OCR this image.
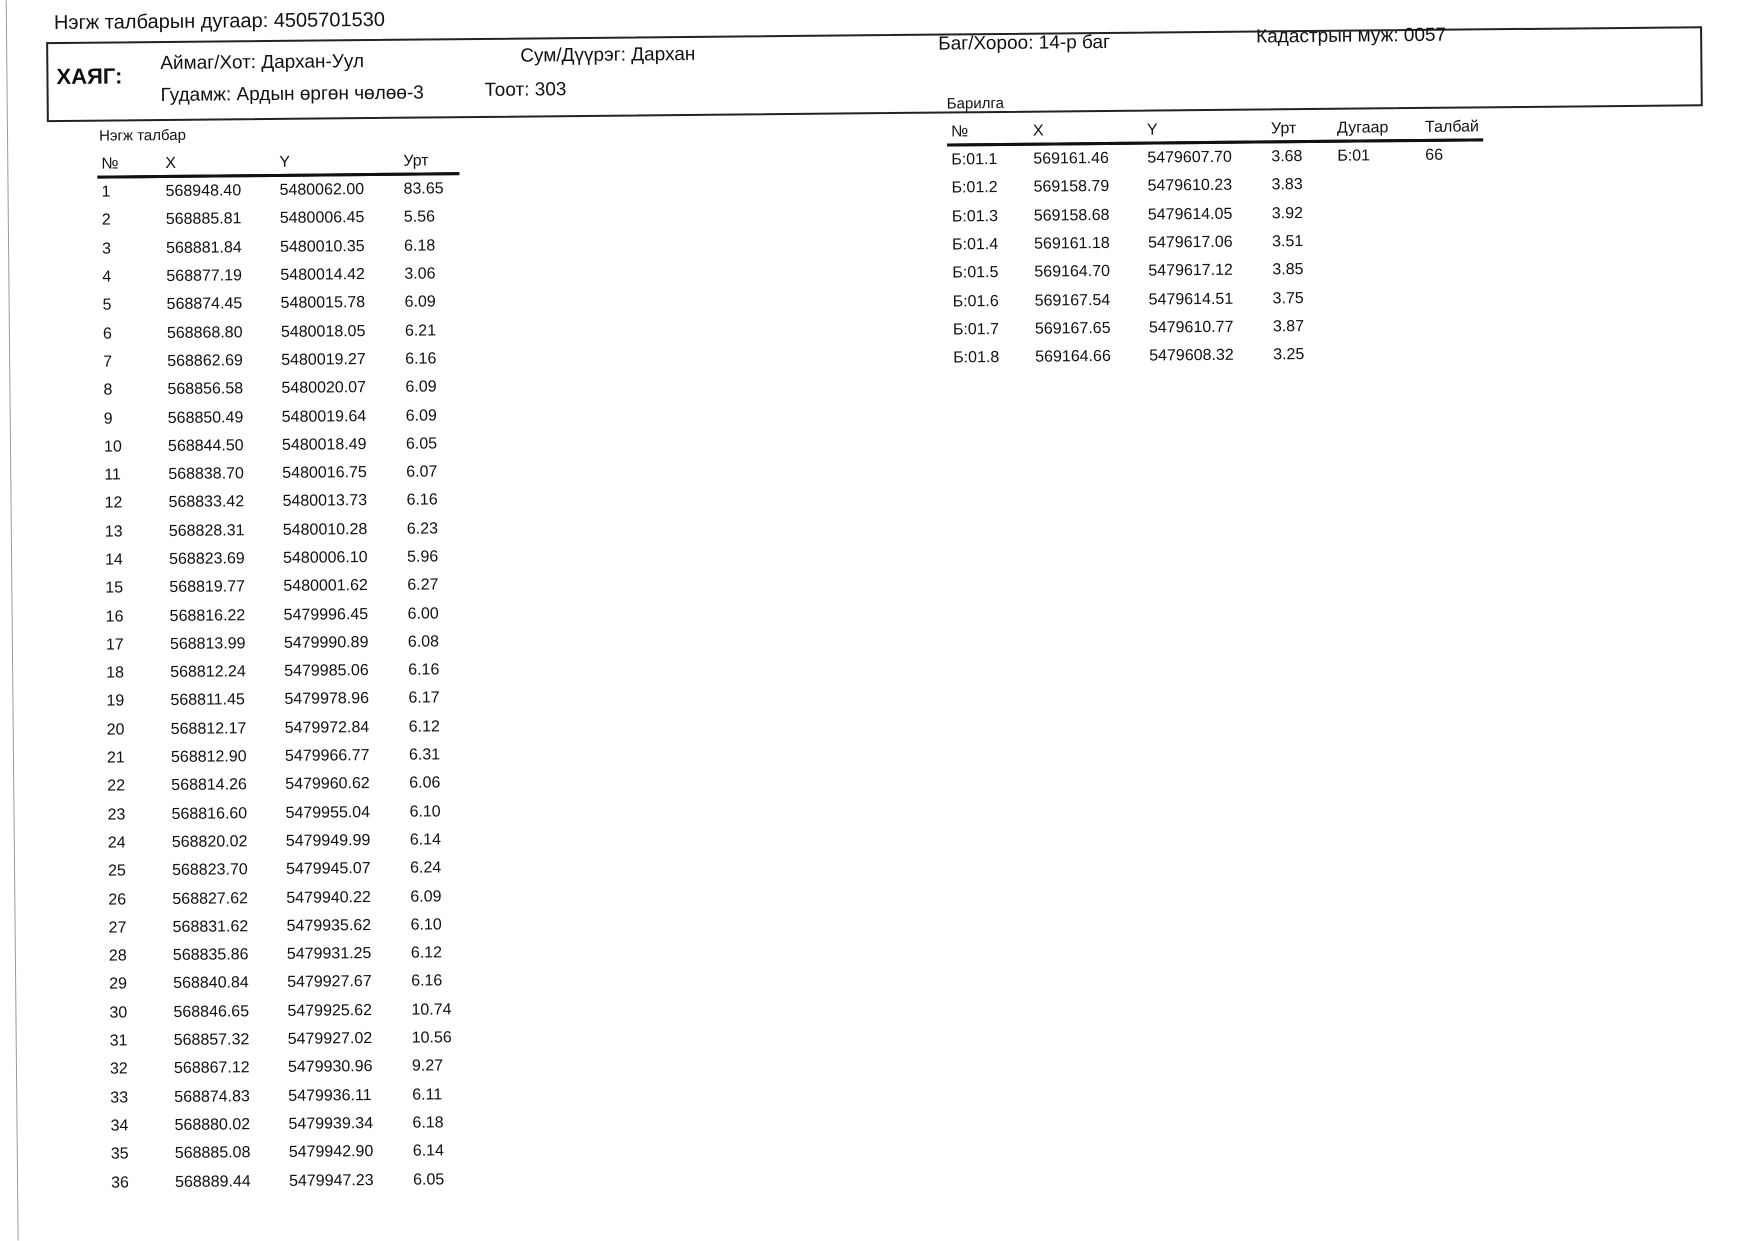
Нэгж талбарын дугаар: 4505701530
ХАЯГ:
Аймаг/Хот: Дархан-Уул	Сум/Дүүрэг: Дархан
Баг/Хороо: 14-р баг	Кадастрын муж: 0057
Гудамж: Ардын өргөн чөлөө-3	Тоот: 303
Нэгж талбар
№	X	Y	Урт
1	568948.40	5480062.00	83.65
2	568885.81	5480006.45	5.56
3	568881.84	5480010.35	6.18
4	568877.19	5480014.42	3.06
5	568874.45	5480015.78	6.09
6	568868.80	5480018.05	6.21
7	568862.69	5480019.27	6.16
8	568856.58	5480020.07	6.09
9	568850.49	5480019.64	6.09
10	568844.50	5480018.49	6.05
11	568838.70	5480016.75	6.07
12	568833.42	5480013.73	6.16
13	568828.31	5480010.28	6.23
14	568823.69	5480006.10	5.96
15	568819.77	5480001.62	6.27
16	568816.22	5479996.45	6.00
17	568813.99	5479990.89	6.08
18	568812.24	5479985.06	6.16
19	568811.45	5479978.96	6.17
20	568812.17	5479972.84	6.12
21	568812.90	5479966.77	6.31
22	568814.26	5479960.62	6.06
23	568816.60	5479955.04	6.10
24	568820.02	5479949.99	6.14
25	568823.70	5479945.07	6.24
26	568827.62	5479940.22	6.09
27	568831.62	5479935.62	6.10
28	568835.86	5479931.25	6.12
29	568840.84	5479927.67	6.16
30	568846.65	5479925.62	10.74
31	568857.32	5479927.02	10.56
32	568867.12	5479930.96	9.27
33	568874.83	5479936.11	6.11
34	568880.02	5479939.34	6.18
35	568885.08	5479942.90	6.14
36	568889.44	5479947.23	6.05
Барилга
№	X	Y	Урт	Дугаар	Талбай
Б:01.1	569161.46	5479607.70	3.68	Б:01	66
Б:01.2	569158.79	5479610.23	3.83		
Б:01.3	569158.68	5479614.05	3.92		
Б:01.4	569161.18	5479617.06	3.51		
Б:01.5	569164.70	5479617.12	3.85		
Б:01.6	569167.54	5479614.51	3.75		
Б:01.7	569167.65	5479610.77	3.87		
Б:01.8	569164.66	5479608.32	3.25		
